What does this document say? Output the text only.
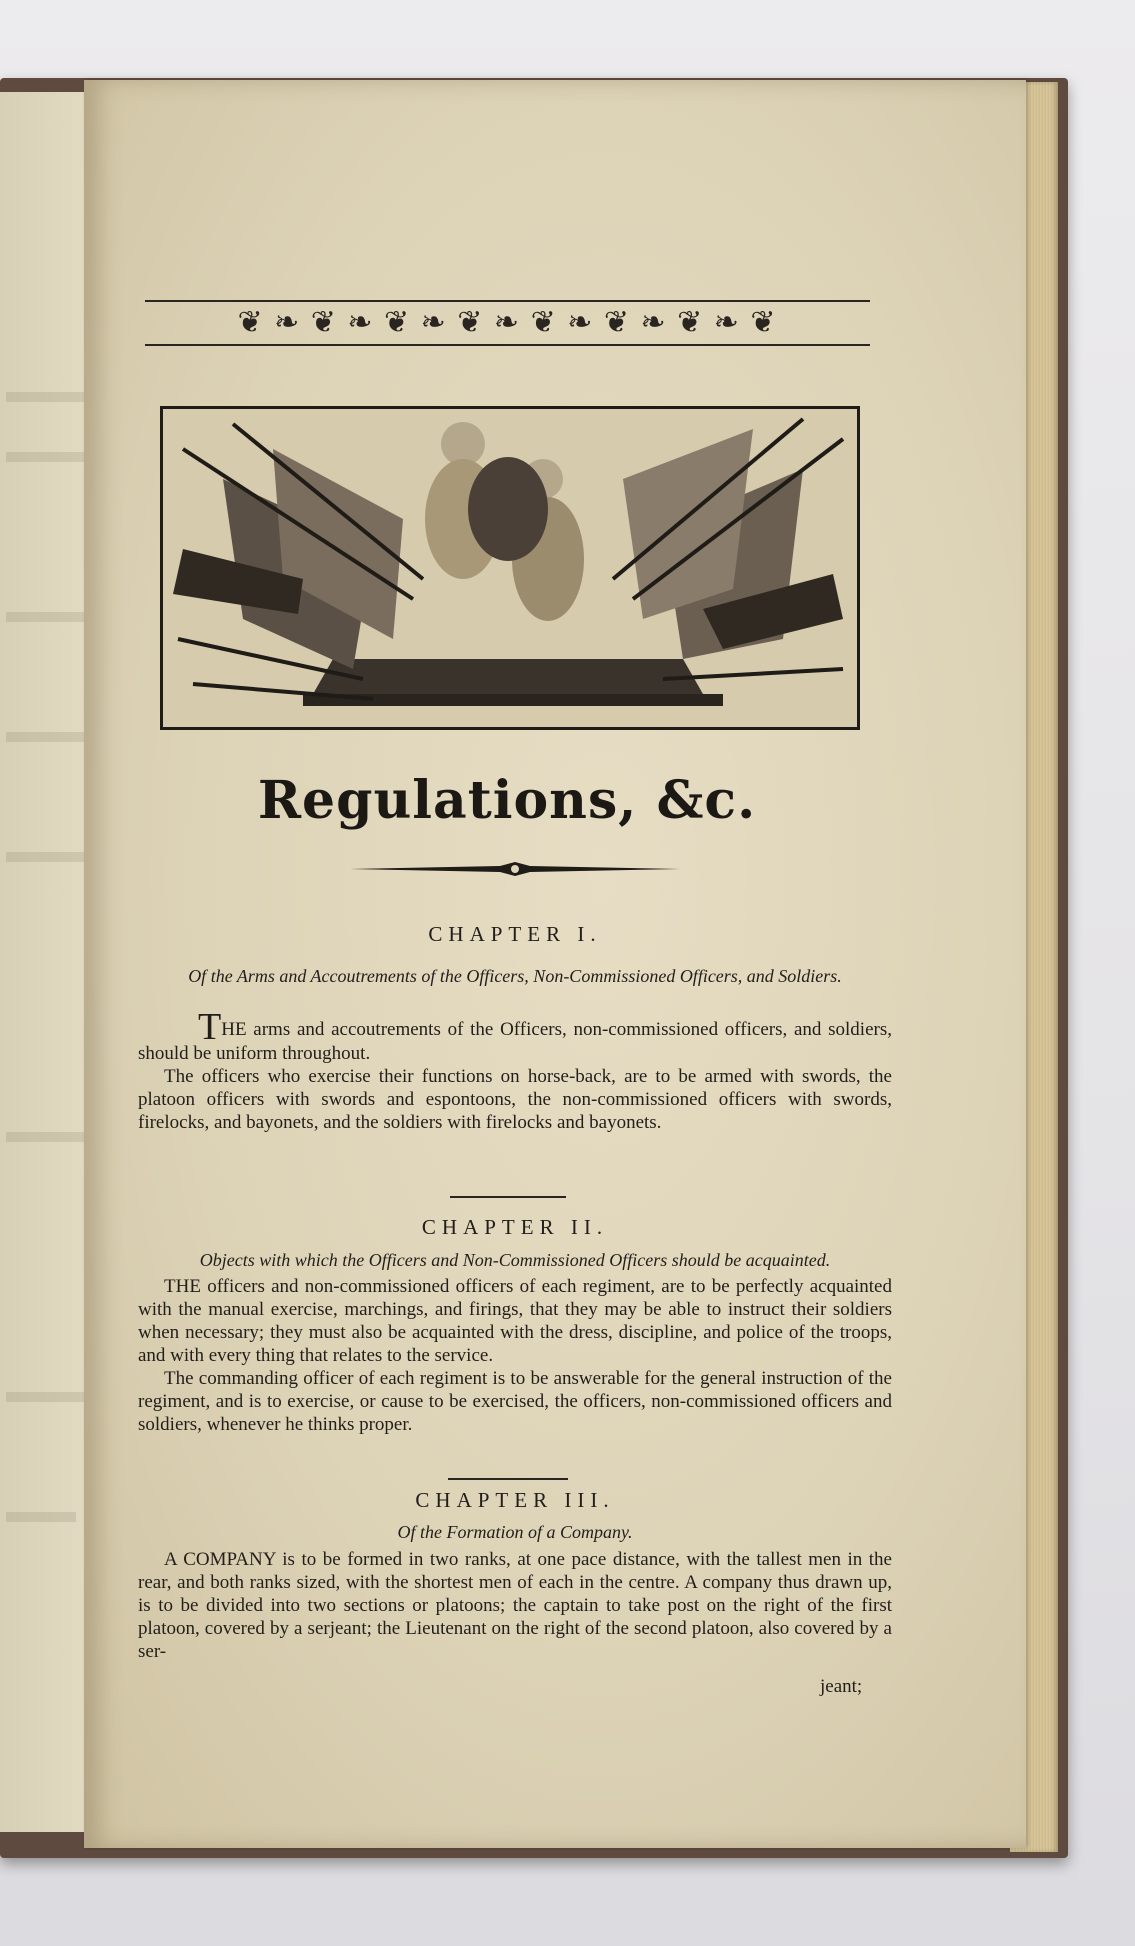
❦ ❧ ❦ ❧ ❦ ❧ ❦ ❧ ❦ ❧ ❦ ❧ ❦ ❧ ❦
Regulations, &c.
CHAPTER I.
Of the Arms and Accoutrements of the Officers, Non-Commissioned Officers, and Soldiers.

THE arms and accoutrements of the Officers, non-commissioned officers, and soldiers, should be uniform throughout.

The officers who exercise their functions on horse-back, are to be armed with swords, the platoon officers with swords and espontoons, the non-commissioned officers with swords, firelocks, and bayonets, and the soldiers with firelocks and bayonets.

CHAPTER II.
Objects with which the Officers and Non-Commissioned Officers should be acquainted.

THE officers and non-commissioned officers of each regiment, are to be perfectly acquainted with the manual exercise, marchings, and firings, that they may be able to instruct their soldiers when necessary; they must also be acquainted with the dress, discipline, and police of the troops, and with every thing that relates to the service.

The commanding officer of each regiment is to be answerable for the general instruction of the regiment, and is to exercise, or cause to be exercised, the officers, non-commissioned officers and soldiers, whenever he thinks proper.

CHAPTER III.
Of the Formation of a Company.

A COMPANY is to be formed in two ranks, at one pace distance, with the tallest men in the rear, and both ranks sized, with the shortest men of each in the centre. A company thus drawn up, is to be divided into two sections or platoons; the captain to take post on the right of the first platoon, covered by a serjeant; the Lieutenant on the right of the second platoon, also covered by a ser-

jeant;
